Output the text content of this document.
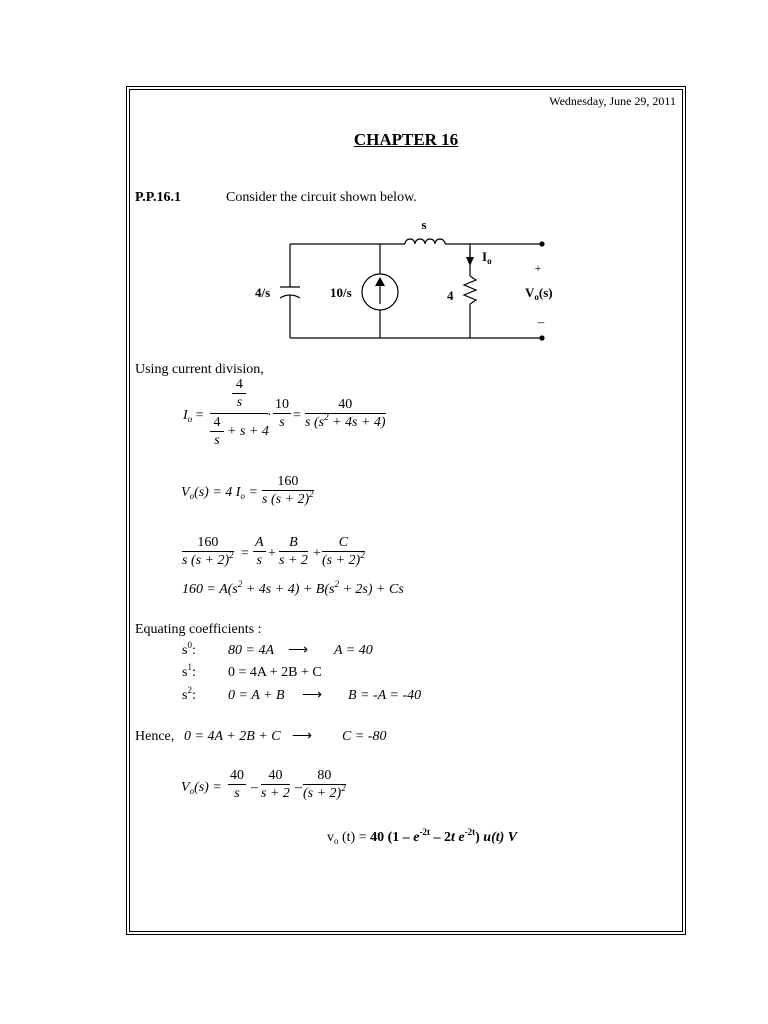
Wednesday, June 29, 2011
CHAPTER 16
P.P.16.1	Consider the circuit shown below.
s
$I_o$
4/s	10/s	4	$V_o(s)$
+
–
Using current division,
$I_o$ =
$\frac{4}{s}$
$\frac{4}{s} + s + 4$
·
10
s =
40
s $(s^2 + 4s + 4)$
$V_o(s) = 4$ $I_o$ =
160
s $(s + 2)^2$
160
s $(s + 2)^2$ =
A
s +
B
s + 2 +
C
$(s + 2)^2$
$160 = A(s^2 + 4s + 4) + B(s^2 + 2s) + Cs$
Equating coefficients :
$s^0$: 80 = 4A ⟶ A = 40
$s^1$: 0 = 4A + 2B + C
$s^2$: 0 = A + B ⟶ B = -A = -40
Hence, 0 = 4A + 2B + C ⟶ C = -80
$V_o(s)$ =
40
s –
40
s + 2 –
80
$(s + 2)^2$
$v_o$ (t) = 40 ($1 - e^{-2t} - 2t$ $e^{-2t}$) u(t) V
